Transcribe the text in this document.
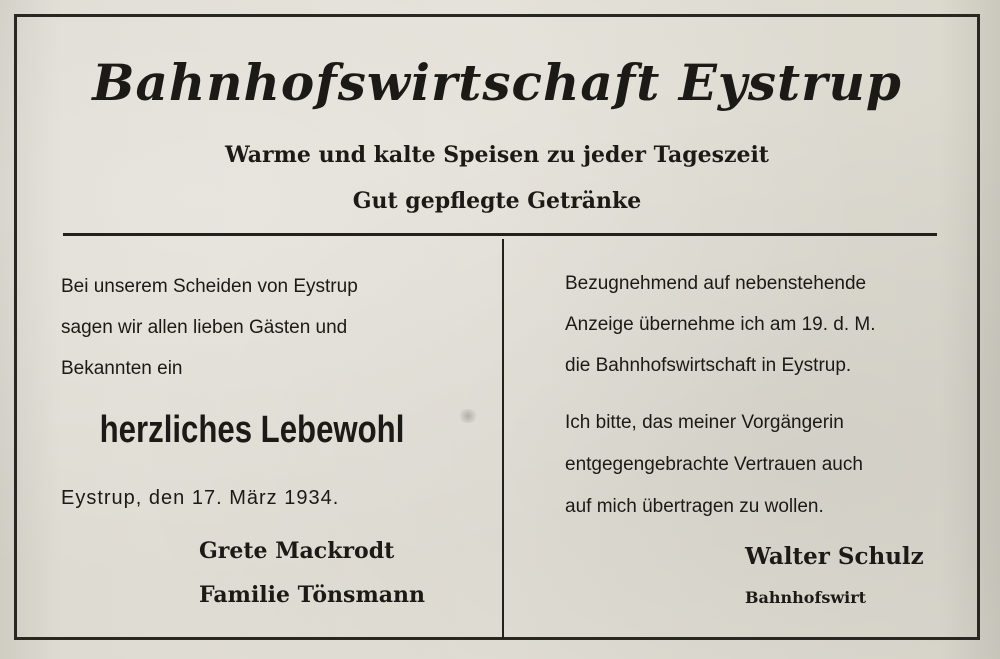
Bahnhofswirtschaft Eystrup
Warme und kalte Speisen zu jeder Tageszeit
Gut gepflegte Getränke
Bei unserem Scheiden von Eystrup
sagen wir allen lieben Gästen und
Bekannten ein
herzliches Lebewohl
Eystrup, den 17. März 1934.
Grete Mackrodt
Familie Tönsmann
Bezugnehmend auf nebenstehende
Anzeige übernehme ich am 19. d. M.
die Bahnhofswirtschaft in Eystrup.
Ich bitte, das meiner Vorgängerin
entgegengebrachte Vertrauen auch
auf mich übertragen zu wollen.
Walter Schulz
Bahnhofswirt
